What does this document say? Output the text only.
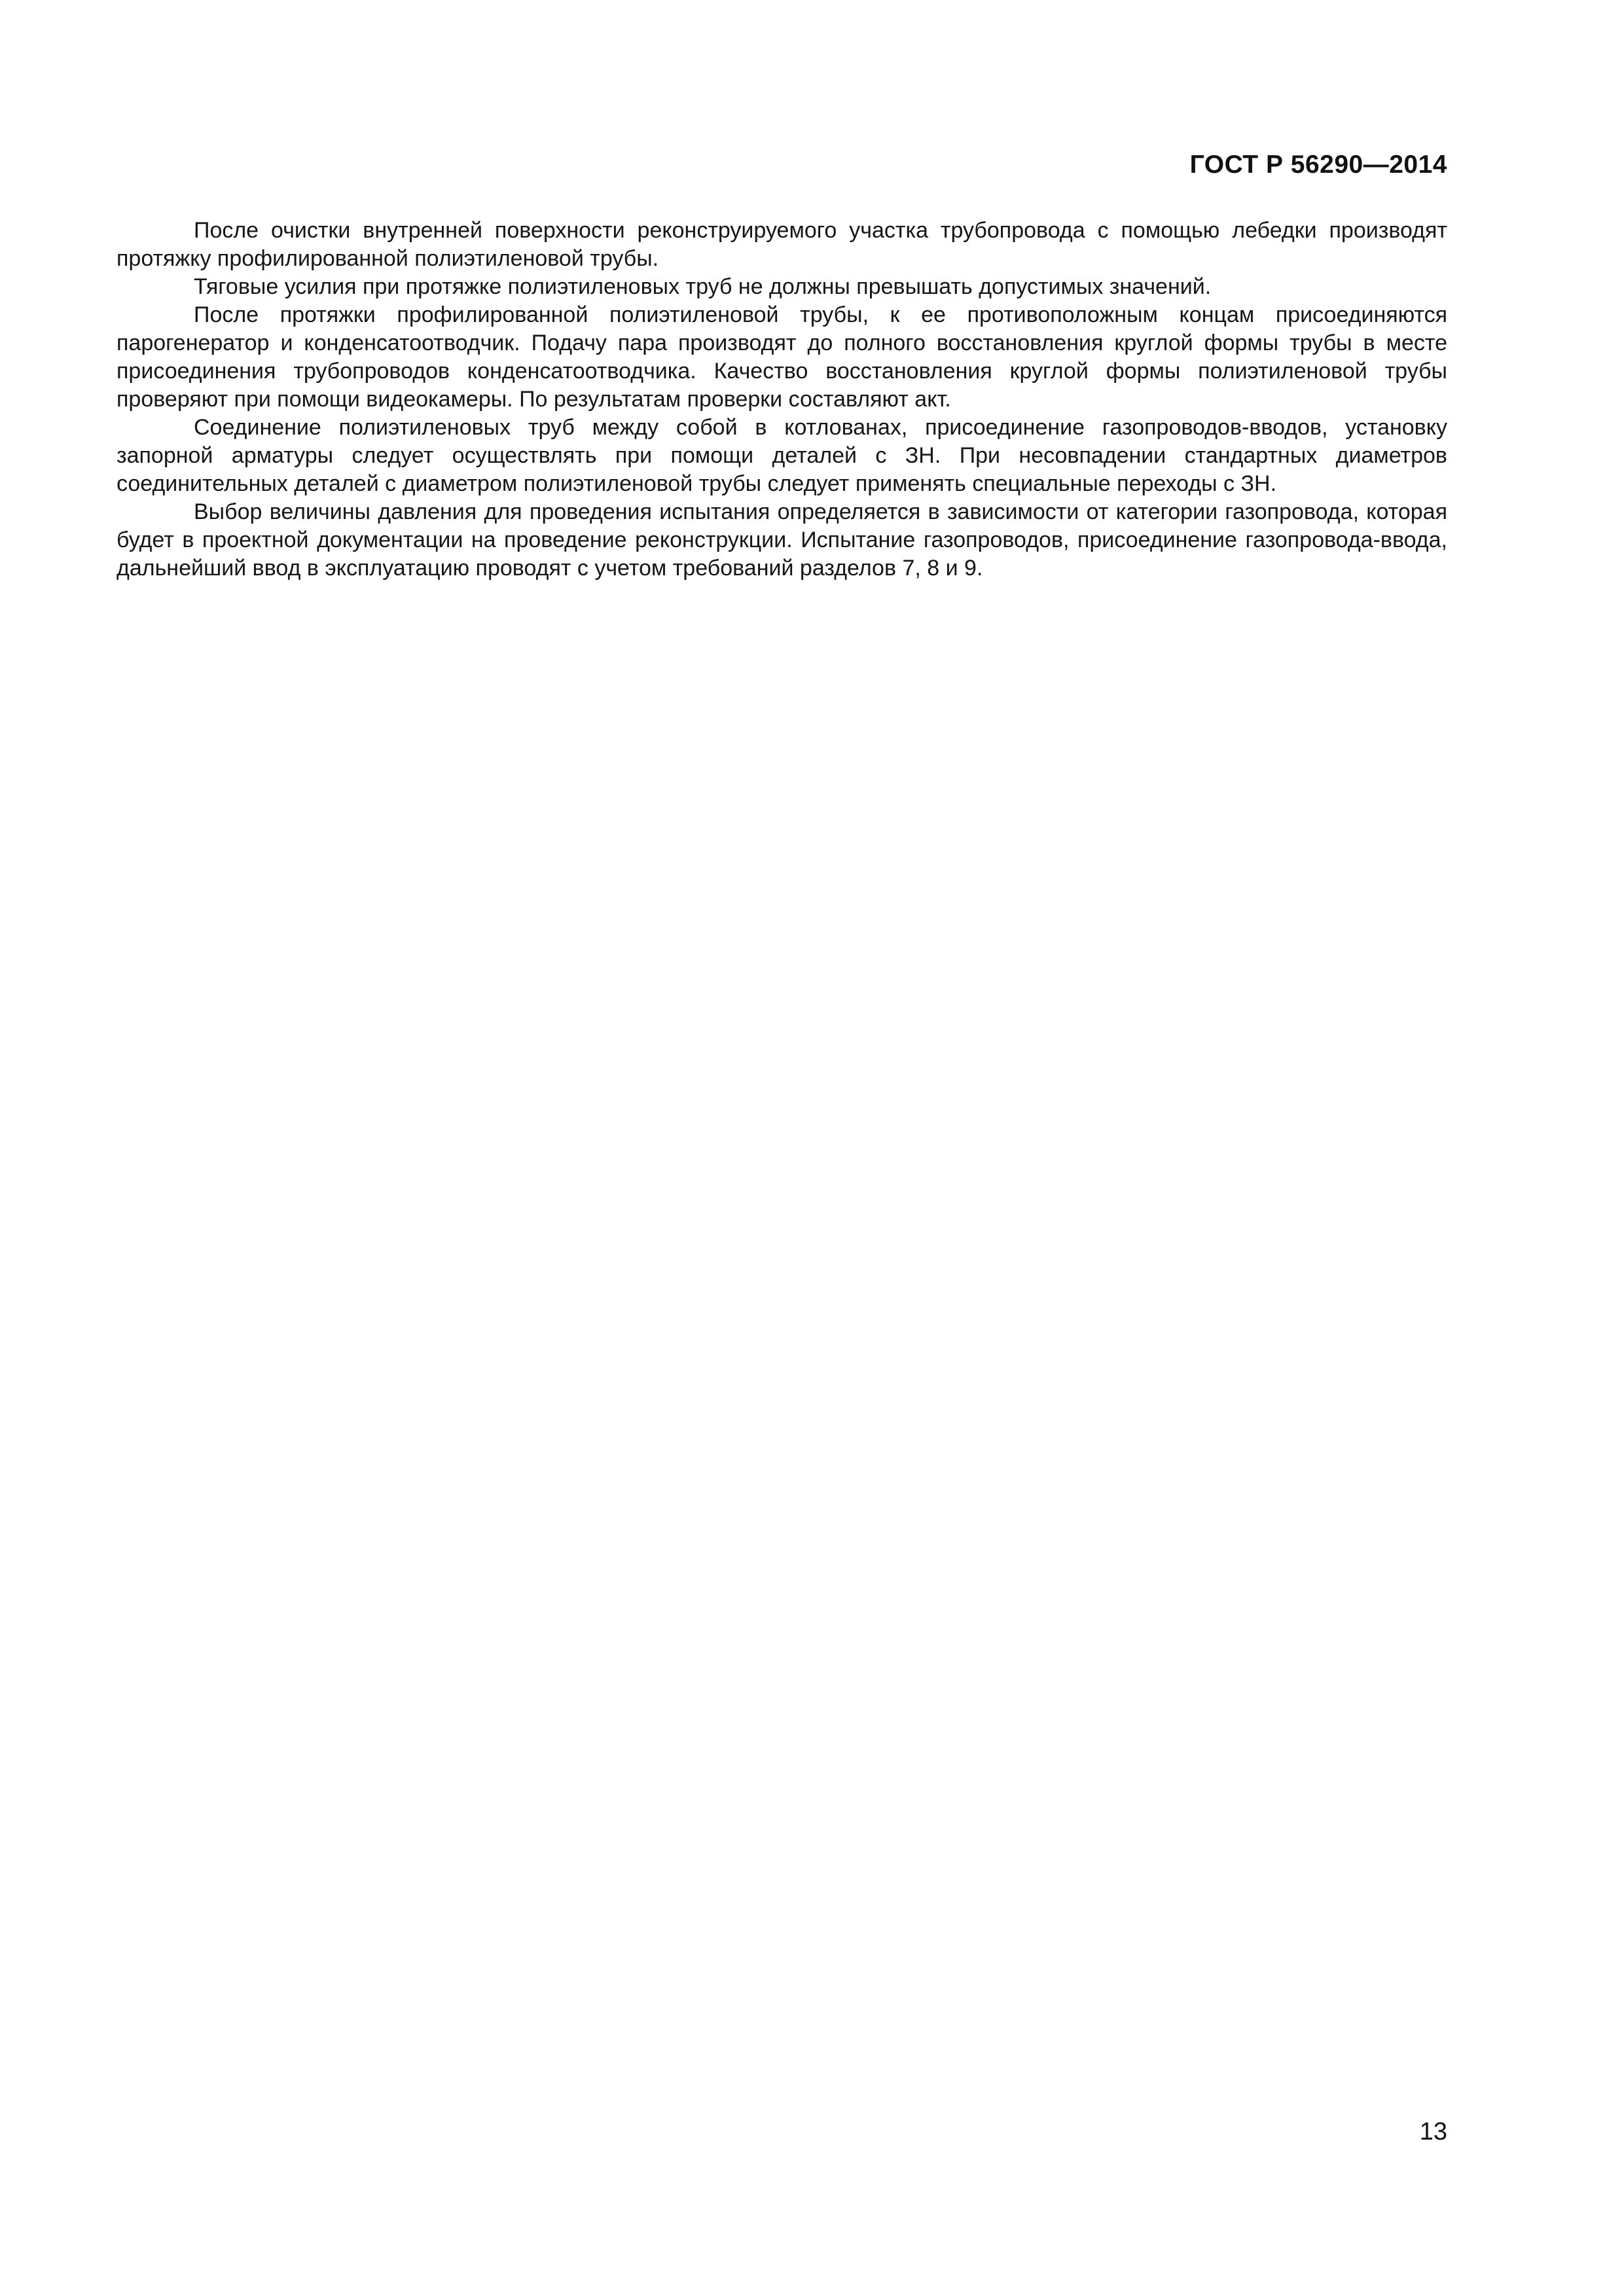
ГОСТ Р 56290—2014

После очистки внутренней поверхности реконструируемого участка трубопровода с помощью лебедки производят протяжку профилированной полиэтиленовой трубы.

Тяговые усилия при протяжке полиэтиленовых труб не должны превышать допустимых значений.

После протяжки профилированной полиэтиленовой трубы, к ее противоположным концам присоединяются парогенератор и конденсатоотводчик. Подачу пара производят до полного восстановления круглой формы трубы в месте присоединения трубопроводов конденсатоотводчика. Качество восстановления круглой формы полиэтиленовой трубы проверяют при помощи видеокамеры. По результатам проверки составляют акт.

Соединение полиэтиленовых труб между собой в котлованах, присоединение газопроводов-вводов, установку запорной арматуры следует осуществлять при помощи деталей с ЗН. При несовпадении стандартных диаметров соединительных деталей с диаметром полиэтиленовой трубы следует применять специальные переходы с ЗН.

Выбор величины давления для проведения испытания определяется в зависимости от категории газопровода, которая будет в проектной документации на проведение реконструкции. Испытание газопроводов, присоединение газопровода-ввода, дальнейший ввод в эксплуатацию проводят с учетом требований разделов 7, 8 и 9.

13
